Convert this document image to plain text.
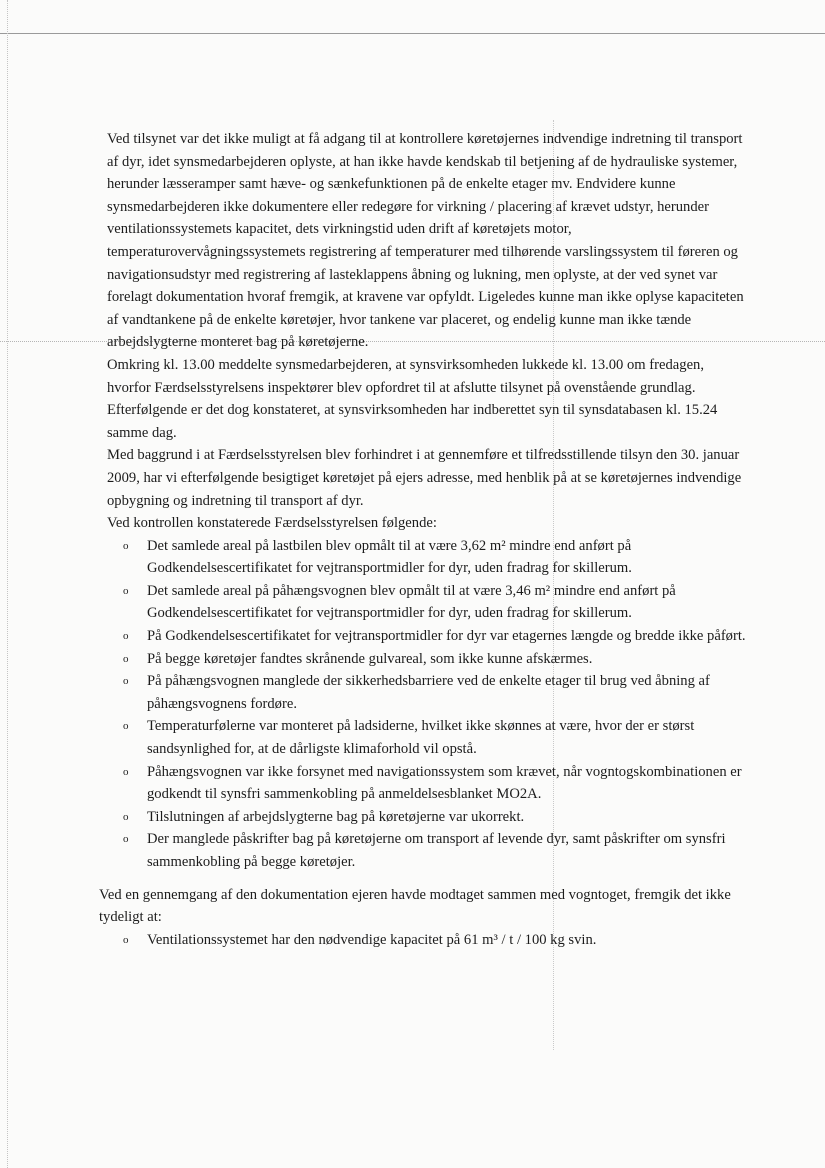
Ved tilsynet var det ikke muligt at få adgang til at kontrollere køretøjernes indvendige indretning til transport af dyr, idet synsmedarbejderen oplyste, at han ikke havde kendskab til betjening af de hydrauliske systemer, herunder læsseramper samt hæve- og sænkefunktionen på de enkelte etager mv. Endvidere kunne synsmedarbejderen ikke dokumentere eller redegøre for virkning / placering af krævet udstyr, herunder ventilationssystemets kapacitet, dets virkningstid uden drift af køretøjets motor, temperaturovervågningssystemets registrering af temperaturer med tilhørende varslingssystem til føreren og navigationsudstyr med registrering af lasteklappens åbning og lukning, men oplyste, at der ved synet var forelagt dokumentation hvoraf fremgik, at kravene var opfyldt. Ligeledes kunne man ikke oplyse kapaciteten af vandtankene på de enkelte køretøjer, hvor tankene var placeret, og endelig kunne man ikke tænde arbejdslygterne monteret bag på køretøjerne.

Omkring kl. 13.00 meddelte synsmedarbejderen, at synsvirksomheden lukkede kl. 13.00 om fredagen, hvorfor Færdselsstyrelsens inspektører blev opfordret til at afslutte tilsynet på ovenstående grundlag. Efterfølgende er det dog konstateret, at synsvirksomheden har indberettet syn til synsdatabasen kl. 15.24 samme dag.

Med baggrund i at Færdselsstyrelsen blev forhindret i at gennemføre et tilfredsstillende tilsyn den 30. januar 2009, har vi efterfølgende besigtiget køretøjet på ejers adresse, med henblik på at se køretøjernes indvendige opbygning og indretning til transport af dyr.

Ved kontrollen konstaterede Færdselsstyrelsen følgende:

o Det samlede areal på lastbilen blev opmålt til at være 3,62 m² mindre end anført på Godkendelsescertifikatet for vejtransportmidler for dyr, uden fradrag for skillerum.
o Det samlede areal på påhængsvognen blev opmålt til at være 3,46 m² mindre end anført på Godkendelsescertifikatet for vejtransportmidler for dyr, uden fradrag for skillerum.
o På Godkendelsescertifikatet for vejtransportmidler for dyr var etagernes længde og bredde ikke påført.
o På begge køretøjer fandtes skrånende gulvareal, som ikke kunne afskærmes.
o På påhængsvognen manglede der sikkerhedsbarriere ved de enkelte etager til brug ved åbning af påhængsvognens fordøre.
o Temperaturfølerne var monteret på ladsiderne, hvilket ikke skønnes at være, hvor der er størst sandsynlighed for, at de dårligste klimaforhold vil opstå.
o Påhængsvognen var ikke forsynet med navigationssystem som krævet, når vogntogskombinationen er godkendt til synsfri sammenkobling på anmeldelsesblanket MO2A.
o Tilslutningen af arbejdslygterne bag på køretøjerne var ukorrekt.
o Der manglede påskrifter bag på køretøjerne om transport af levende dyr, samt påskrifter om synsfri sammenkobling på begge køretøjer.

Ved en gennemgang af den dokumentation ejeren havde modtaget sammen med vogntoget, fremgik det ikke tydeligt at:

o Ventilationssystemet har den nødvendige kapacitet på 61 m³ / t / 100 kg svin.
